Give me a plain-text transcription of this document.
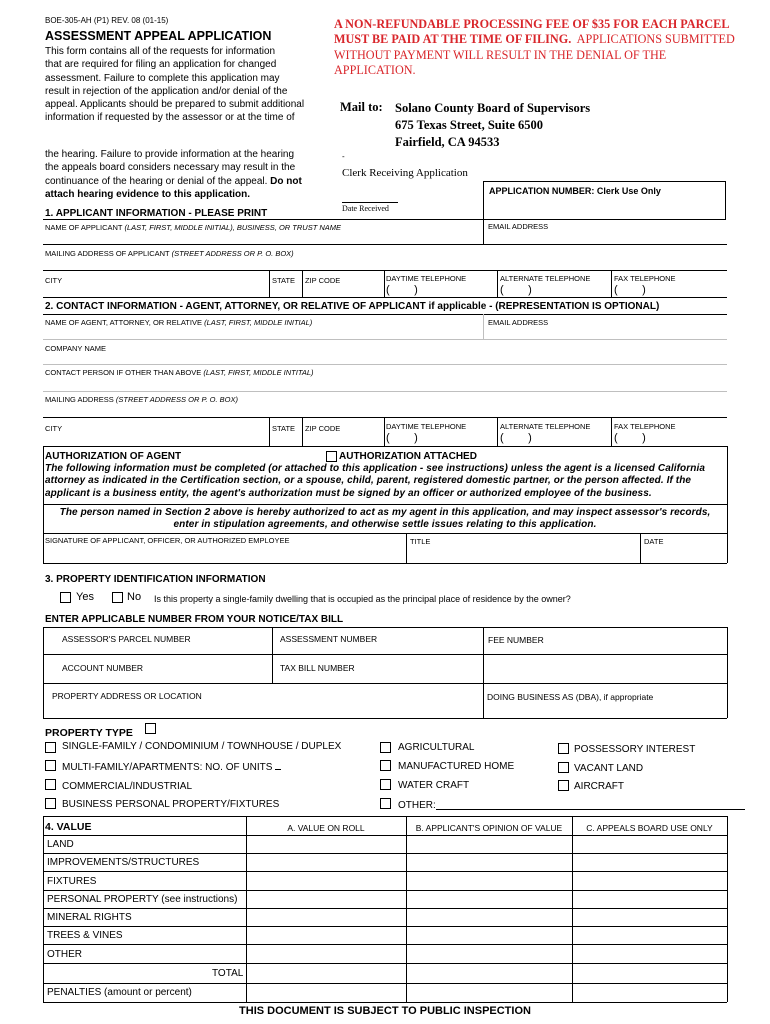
BOE-305-AH (P1) REV. 08 (01-15)
ASSESSMENT APPEAL APPLICATION
This form contains all of the requests for information
that are required for filing an application for changed
assessment. Failure to complete this application may
result in rejection of the application and/or denial of the
appeal. Applicants should be prepared to submit additional
information if requested by the assessor or at the time of
the hearing. Failure to provide information at the hearing
the appeals board considers necessary may result in the
continuance of the hearing or denial of the appeal. Do not
attach hearing evidence to this application.
A NON-REFUNDABLE PROCESSING FEE OF $35 FOR EACH PARCEL
MUST BE PAID AT THE TIME OF FILING.  APPLICATIONS SUBMITTED
WITHOUT PAYMENT WILL RESULT IN THE DENIAL OF THE
APPLICATION.
Mail to: Solano County Board of Supervisors
675 Texas Street, Suite 6500
Fairfield, CA 94533
-
Clerk Receiving Application
Date Received
APPLICATION NUMBER: Clerk Use Only
1. APPLICANT INFORMATION - PLEASE PRINT
NAME OF APPLICANT (LAST, FIRST, MIDDLE INITIAL), BUSINESS, OR TRUST NAME	EMAIL ADDRESS
MAILING ADDRESS OF APPLICANT (STREET ADDRESS OR P. O. BOX)
CITY	STATE ZIP CODE	DAYTIME TELEPHONE	ALTERNATE TELEPHONE	FAX TELEPHONE
(        )	(        )	(        )
2. CONTACT INFORMATION - AGENT, ATTORNEY, OR RELATIVE OF APPLICANT if applicable - (REPRESENTATION IS OPTIONAL)
NAME OF AGENT, ATTORNEY, OR RELATIVE (LAST, FIRST, MIDDLE INITIAL)	EMAIL ADDRESS
COMPANY NAME
CONTACT PERSON IF OTHER THAN ABOVE (LAST, FIRST, MIDDLE INTITAL)
MAILING ADDRESS (STREET ADDRESS OR P. O. BOX)
CITY	STATE ZIP CODE	DAYTIME TELEPHONE	ALTERNATE TELEPHONE	FAX TELEPHONE
(        )	(        )	(        )
AUTHORIZATION OF AGENT	AUTHORIZATION ATTACHED
The following information must be completed (or attached to this application - see instructions) unless the agent is a licensed California
attorney as indicated in the Certification section, or a spouse, child, parent, registered domestic partner, or the person affected. If the
applicant is a business entity, the agent's authorization must be signed by an officer or authorized employee of the business.
The person named in Section 2 above is hereby authorized to act as my agent in this application, and may inspect assessor's records,
enter in stipulation agreements, and otherwise settle issues relating to this application.
SIGNATURE OF APPLICANT, OFFICER, OR AUTHORIZED EMPLOYEE	TITLE	DATE
3. PROPERTY IDENTIFICATION INFORMATION
Yes	No Is this property a single-family dwelling that is occupied as the principal place of residence by the owner?
ENTER APPLICABLE NUMBER FROM YOUR NOTICE/TAX BILL
ASSESSOR'S PARCEL NUMBER	ASSESSMENT NUMBER	FEE NUMBER
ACCOUNT NUMBER	TAX BILL NUMBER
PROPERTY ADDRESS OR LOCATION	DOING BUSINESS AS (DBA), if appropriate
PROPERTY TYPE
SINGLE-FAMILY / CONDOMINIUM / TOWNHOUSE / DUPLEX
MULTI-FAMILY/APARTMENTS: NO. OF UNITS
COMMERCIAL/INDUSTRIAL
BUSINESS PERSONAL PROPERTY/FIXTURES
AGRICULTURAL
MANUFACTURED HOME
WATER CRAFT
OTHER:
POSSESSORY INTEREST
VACANT LAND
AIRCRAFT
4. VALUE	A. VALUE ON ROLL	B. APPLICANT'S OPINION OF VALUE	C. APPEALS BOARD USE ONLY
LAND
IMPROVEMENTS/STRUCTURES
FIXTURES
PERSONAL PROPERTY (see instructions)
MINERAL RIGHTS
TREES & VINES
OTHER
TOTAL
PENALTIES (amount or percent)
THIS DOCUMENT IS SUBJECT TO PUBLIC INSPECTION
